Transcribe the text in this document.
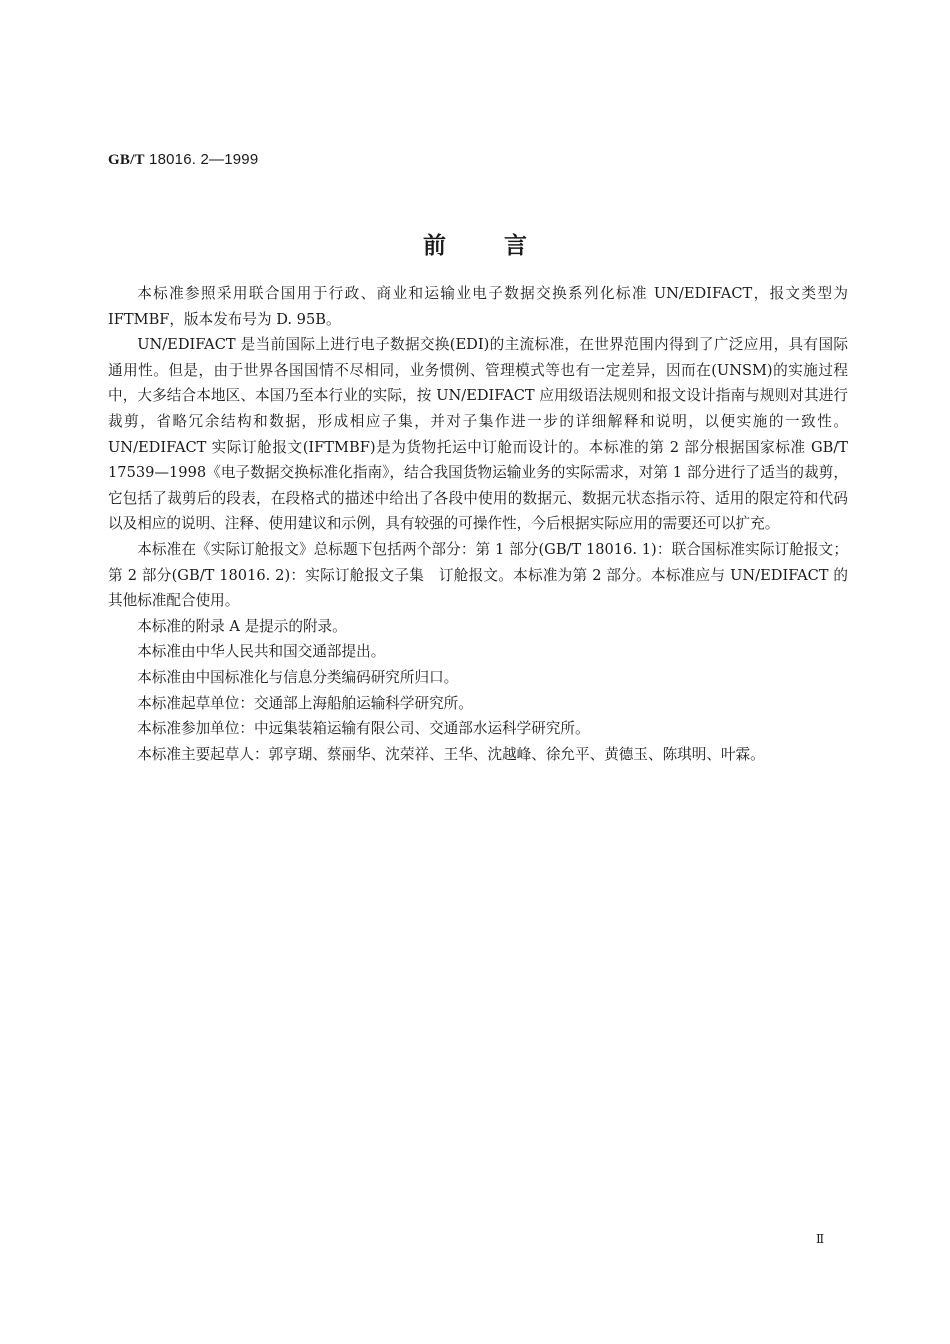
GB/T 18016. 2—1999
前言

本标准参照采用联合国用于行政、商业和运输业电子数据交换系列化标准 UN/EDIFACT，报文类型为 IFTMBF，版本发布号为 D. 95B。

UN/EDIFACT 是当前国际上进行电子数据交换(EDI)的主流标准，在世界范围内得到了广泛应用，具有国际通用性。但是，由于世界各国国情不尽相同，业务惯例、管理模式等也有一定差异，因而在(UNSM)的实施过程中，大多结合本地区、本国乃至本行业的实际，按 UN/EDIFACT 应用级语法规则和报文设计指南与规则对其进行裁剪，省略冗余结构和数据，形成相应子集，并对子集作进一步的详细解释和说明，以便实施的一致性。UN/EDIFACT 实际订舱报文(IFTMBF)是为货物托运中订舱而设计的。本标准的第 2 部分根据国家标准 GB/T 17539—1998《电子数据交换标准化指南》，结合我国货物运输业务的实际需求，对第 1 部分进行了适当的裁剪，它包括了裁剪后的段表，在段格式的描述中给出了各段中使用的数据元、数据元状态指示符、适用的限定符和代码以及相应的说明、注释、使用建议和示例，具有较强的可操作性，今后根据实际应用的需要还可以扩充。

本标准在《实际订舱报文》总标题下包括两个部分：第 1 部分(GB/T 18016. 1)：联合国标准实际订舱报文；第 2 部分(GB/T 18016. 2)：实际订舱报文子集　订舱报文。本标准为第 2 部分。本标准应与 UN/EDIFACT 的其他标准配合使用。

本标准的附录 A 是提示的附录。

本标准由中华人民共和国交通部提出。

本标准由中国标准化与信息分类编码研究所归口。

本标准起草单位：交通部上海船舶运输科学研究所。

本标准参加单位：中远集装箱运输有限公司、交通部水运科学研究所。

本标准主要起草人：郭亨瑚、蔡丽华、沈荣祥、王华、沈越峰、徐允平、黄德玉、陈琪明、叶霖。

Ⅱ
